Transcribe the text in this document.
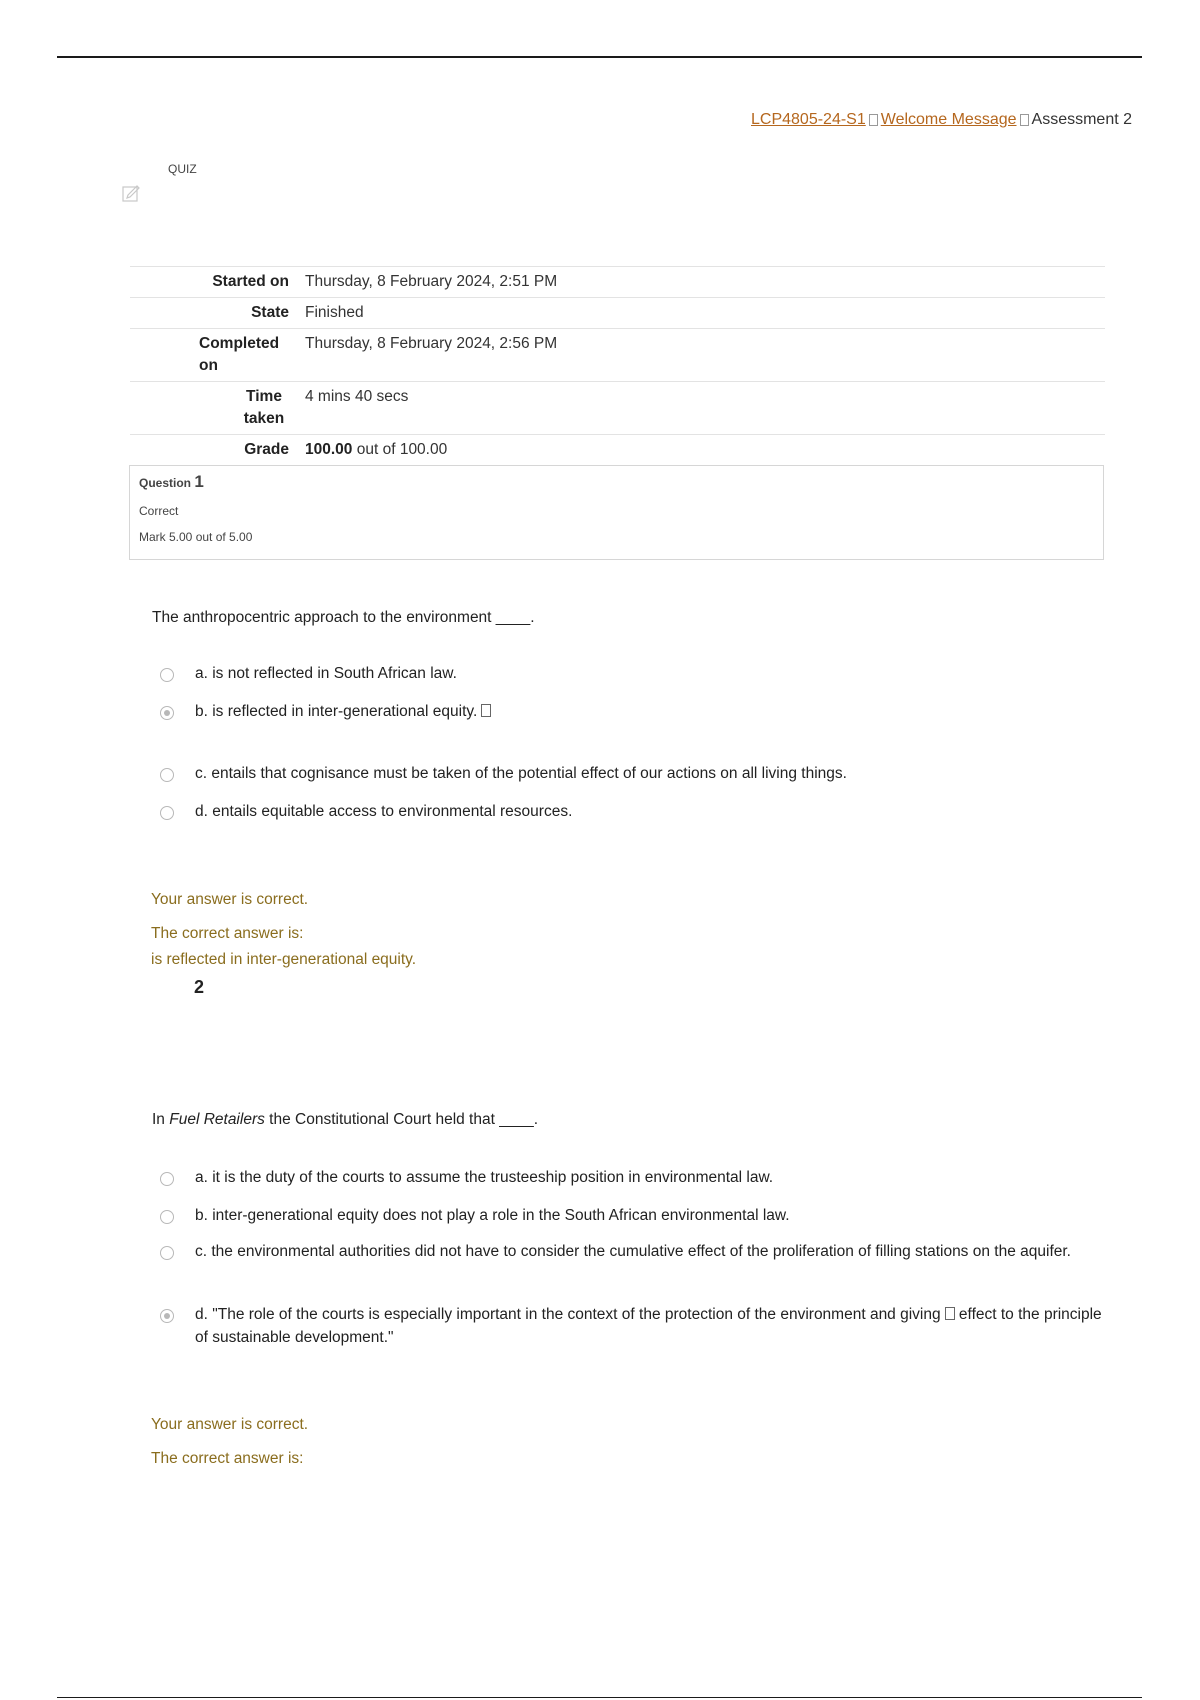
LCP4805-24-S1 Welcome Message Assessment 2
QUIZ
Started on	Thursday, 8 February 2024, 2:51 PM
State	Finished
Completed on	Thursday, 8 February 2024, 2:56 PM
Time taken	4 mins 40 secs
Grade	100.00 out of 100.00
Question 1
Correct
Mark 5.00 out of 5.00
The anthropocentric approach to the environment ____.
a. is not reflected in South African law.
b. is reflected in inter-generational equity.
c. entails that cognisance must be taken of the potential effect of our actions on all living things.
d. entails equitable access to environmental resources.
Your answer is correct.
The correct answer is:
is reflected in inter-generational equity.
2
In Fuel Retailers the Constitutional Court held that ____.
a. it is the duty of the courts to assume the trusteeship position in environmental law.
b. inter-generational equity does not play a role in the South African environmental law.
c. the environmental authorities did not have to consider the cumulative effect of the proliferation of filling stations on the aquifer.
d. "The role of the courts is especially important in the context of the protection of the environment and giving effect to the principle of sustainable development."
Your answer is correct.
The correct answer is:
